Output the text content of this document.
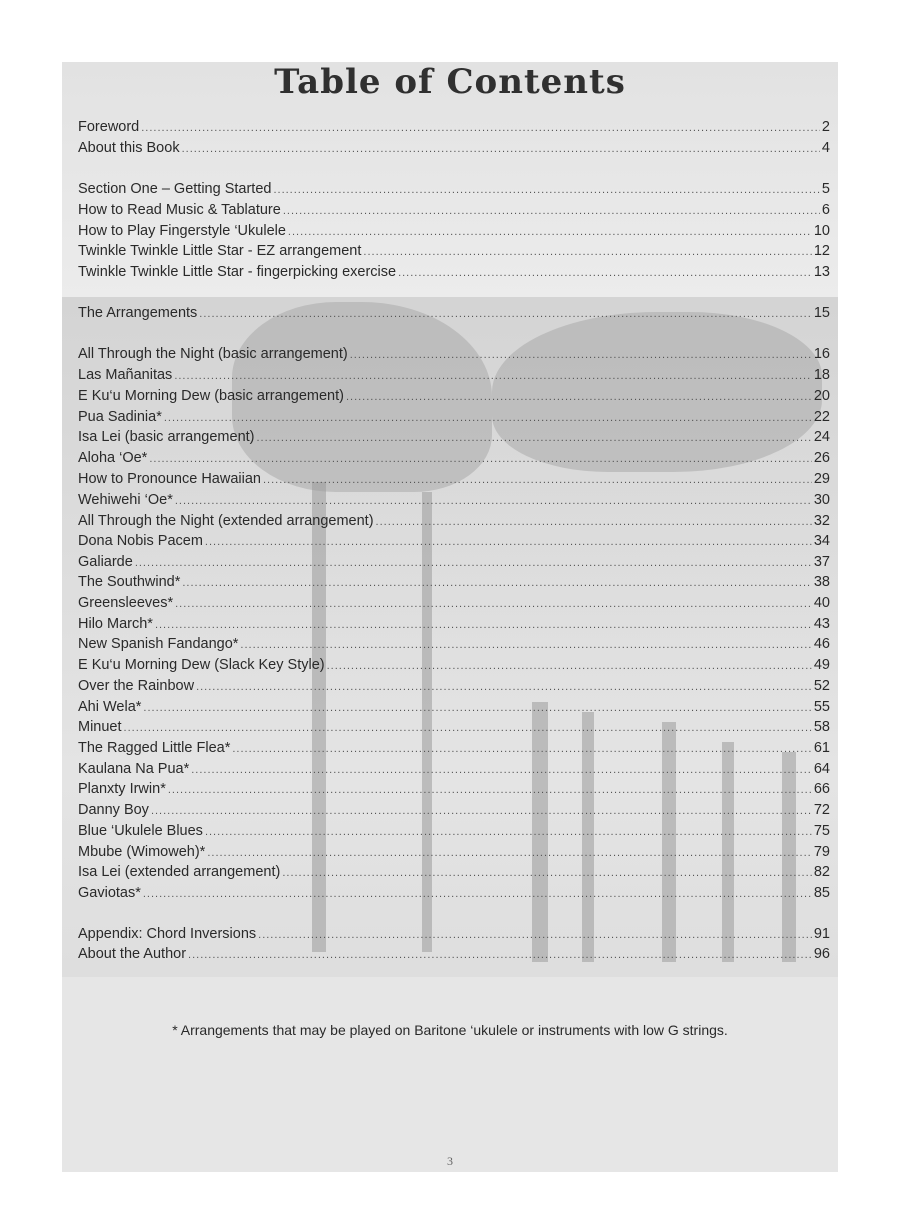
Table of Contents
Foreword .....	2
About this Book .....	4
Section One – Getting Started .....	5
How to Read Music & Tablature .....	6
How to Play Fingerstyle ‘Ukulele .....	10
Twinkle Twinkle Little Star - EZ arrangement .....	12
Twinkle Twinkle Little Star - fingerpicking exercise .....	13
The Arrangements .....	15
All Through the Night (basic arrangement) .....	16
Las Mañanitas .....	18
E Ku‘u Morning Dew (basic arrangement) .....	20
Pua Sadinia* .....	22
Isa Lei (basic arrangement) .....	24
Aloha ‘Oe* .....	26
How to Pronounce Hawaiian .....	29
Wehiwehi ‘Oe* .....	30
All Through the Night (extended arrangement) .....	32
Dona Nobis Pacem .....	34
Galiarde .....	37
The Southwind* .....	38
Greensleeves* .....	40
Hilo March* .....	43
New Spanish Fandango* .....	46
E Ku‘u Morning Dew (Slack Key Style) .....	49
Over the Rainbow .....	52
Ahi Wela* .....	55
Minuet .....	58
The Ragged Little Flea* .....	61
Kaulana Na Pua* .....	64
Planxty Irwin* .....	66
Danny Boy .....	72
Blue ‘Ukulele Blues .....	75
Mbube (Wimoweh)* .....	79
Isa Lei (extended arrangement) .....	82
Gaviotas* .....	85
Appendix: Chord Inversions .....	91
About the Author .....	96
* Arrangements that may be played on Baritone ‘ukulele or instruments with low G strings.
3
